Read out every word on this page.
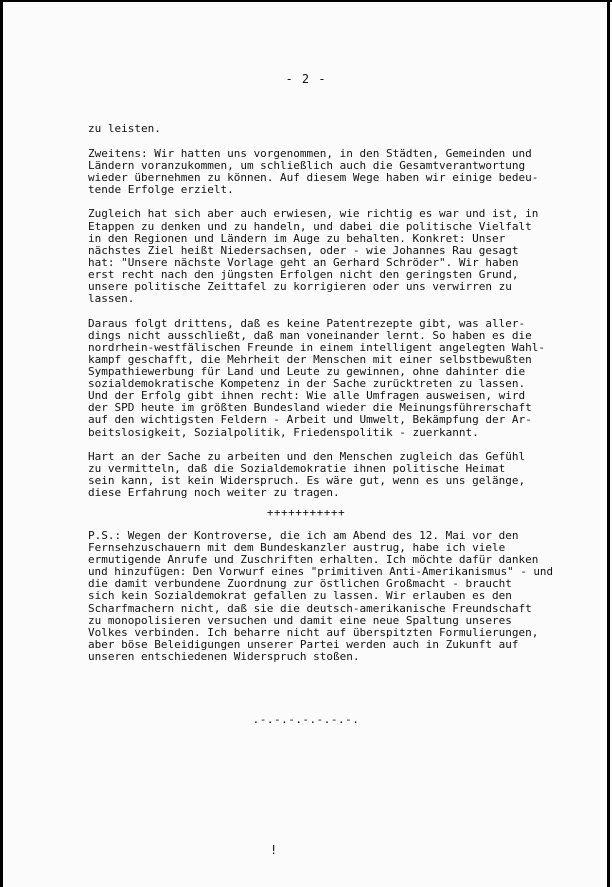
- 2 -
zu leisten.
Zweitens: Wir hatten uns vorgenommen, in den Städten, Gemeinden und
Ländern voranzukommen, um schließlich auch die Gesamtverantwortung
wieder übernehmen zu können. Auf diesem Wege haben wir einige bedeu-
tende Erfolge erzielt.
Zugleich hat sich aber auch erwiesen, wie richtig es war und ist, in
Etappen zu denken und zu handeln, und dabei die politische Vielfalt
in den Regionen und Ländern im Auge zu behalten. Konkret: Unser
nächstes Ziel heißt Niedersachsen, oder - wie Johannes Rau gesagt
hat: "Unsere nächste Vorlage geht an Gerhard Schröder". Wir haben
erst recht nach den jüngsten Erfolgen nicht den geringsten Grund,
unsere politische Zeittafel zu korrigieren oder uns verwirren zu
lassen.
Daraus folgt drittens, daß es keine Patentrezepte gibt, was aller-
dings nicht ausschließt, daß man voneinander lernt. So haben es die
nordrhein-westfälischen Freunde in einem intelligent angelegten Wahl-
kampf geschafft, die Mehrheit der Menschen mit einer selbstbewußten
Sympathiewerbung für Land und Leute zu gewinnen, ohne dahinter die
sozialdemokratische Kompetenz in der Sache zurücktreten zu lassen.
Und der Erfolg gibt ihnen recht: Wie alle Umfragen ausweisen, wird
der SPD heute im größten Bundesland wieder die Meinungsführerschaft
auf den wichtigsten Feldern - Arbeit und Umwelt, Bekämpfung der Ar-
beitslosigkeit, Sozialpolitik, Friedenspolitik - zuerkannt.
Hart an der Sache zu arbeiten und den Menschen zugleich das Gefühl
zu vermitteln, daß die Sozialdemokratie ihnen politische Heimat
sein kann, ist kein Widerspruch. Es wäre gut, wenn es uns gelänge,
diese Erfahrung noch weiter zu tragen.
+++++++++++
P.S.: Wegen der Kontroverse, die ich am Abend des 12. Mai vor den
Fernsehzuschauern mit dem Bundeskanzler austrug, habe ich viele
ermutigende Anrufe und Zuschriften erhalten. Ich möchte dafür danken
und hinzufügen: Den Vorwurf eines "primitiven Anti-Amerikanismus" - und
die damit verbundene Zuordnung zur östlichen Großmacht - braucht
sich kein Sozialdemokrat gefallen zu lassen. Wir erlauben es den
Scharfmachern nicht, daß sie die deutsch-amerikanische Freundschaft
zu monopolisieren versuchen und damit eine neue Spaltung unseres
Volkes verbinden. Ich beharre nicht auf überspitzten Formulierungen,
aber böse Beleidigungen unserer Partei werden auch in Zukunft auf
unseren entschiedenen Widerspruch stoßen.
.-.-.-.-.-.-.-.
!
